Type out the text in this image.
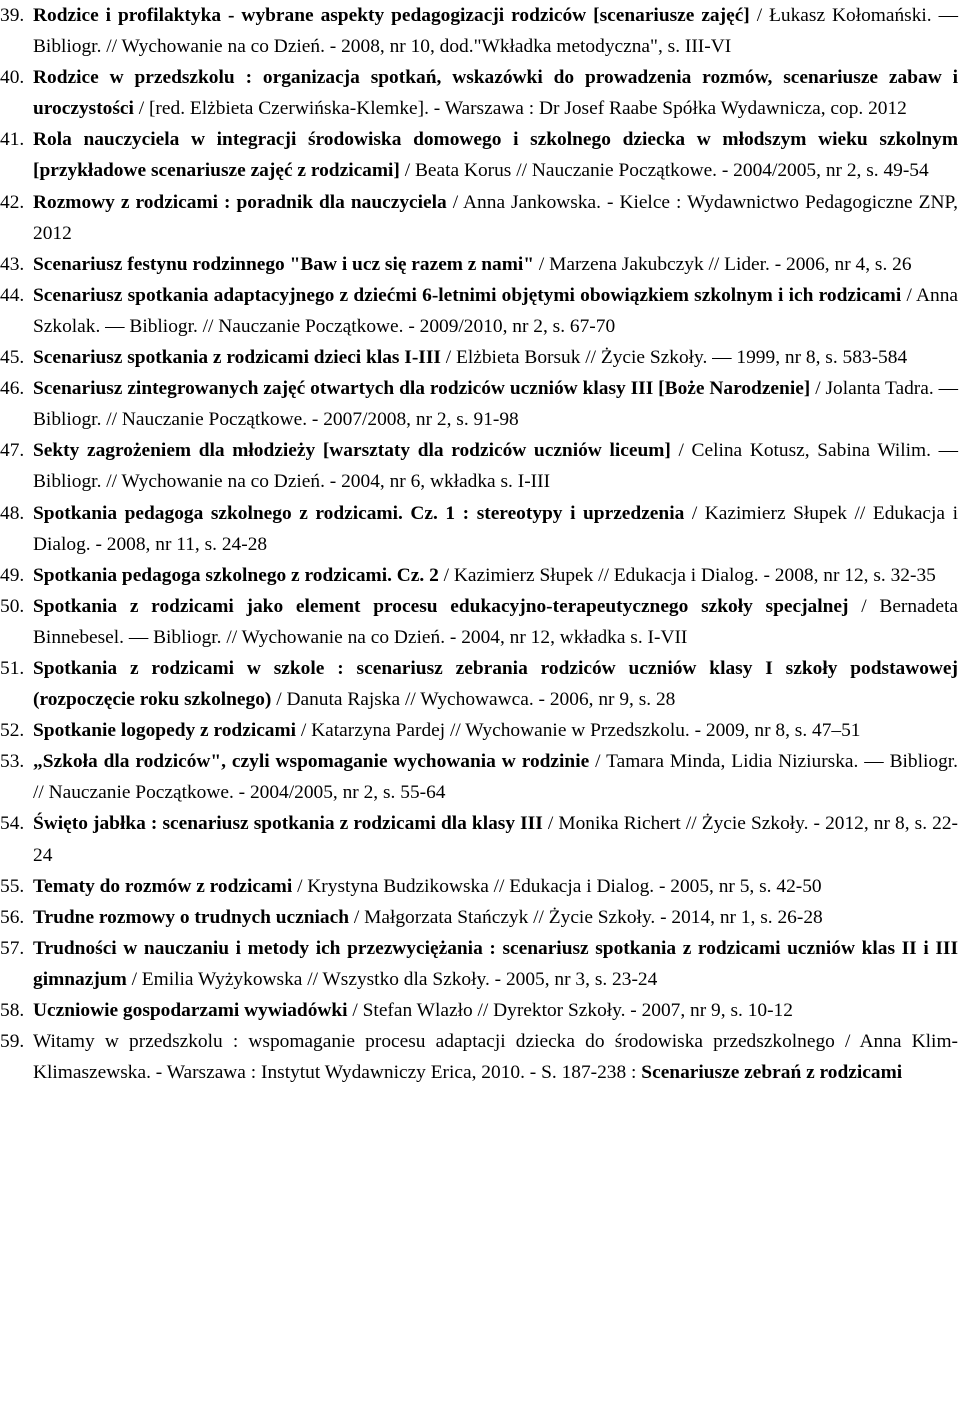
39. Rodzice i profilaktyka - wybrane aspekty pedagogizacji rodziców [scenariusze zajęć] / Łukasz Kołomański. — Bibliogr. // Wychowanie na co Dzień. - 2008, nr 10, dod."Wkładka metodyczna", s. III-VI
40. Rodzice w przedszkolu : organizacja spotkań, wskazówki do prowadzenia rozmów, scenariusze zabaw i uroczystości / [red. Elżbieta Czerwińska-Klemke]. - Warszawa : Dr Josef Raabe Spółka Wydawnicza, cop. 2012
41. Rola nauczyciela w integracji środowiska domowego i szkolnego dziecka w młodszym wieku szkolnym [przykładowe scenariusze zajęć z rodzicami] / Beata Korus // Nauczanie Początkowe. - 2004/2005, nr 2, s. 49-54
42. Rozmowy z rodzicami : poradnik dla nauczyciela / Anna Jankowska. - Kielce : Wydawnictwo Pedagogiczne ZNP, 2012
43. Scenariusz festynu rodzinnego "Baw i ucz się razem z nami" / Marzena Jakubczyk // Lider. - 2006, nr 4, s. 26
44. Scenariusz spotkania adaptacyjnego z dziećmi 6-letnimi objętymi obowiązkiem szkolnym i ich rodzicami / Anna Szkolak. — Bibliogr. // Nauczanie Początkowe. - 2009/2010, nr 2, s. 67-70
45. Scenariusz spotkania z rodzicami dzieci klas I-III / Elżbieta Borsuk // Życie Szkoły. — 1999, nr 8, s. 583-584
46. Scenariusz zintegrowanych zajęć otwartych dla rodziców uczniów klasy III [Boże Narodzenie] / Jolanta Tadra. — Bibliogr. // Nauczanie Początkowe. - 2007/2008, nr 2, s. 91-98
47. Sekty zagrożeniem dla młodzieży [warsztaty dla rodziców uczniów liceum] / Celina Kotusz, Sabina Wilim. — Bibliogr. // Wychowanie na co Dzień. - 2004, nr 6, wkładka s. I-III
48. Spotkania pedagoga szkolnego z rodzicami. Cz. 1 : stereotypy i uprzedzenia / Kazimierz Słupek // Edukacja i Dialog. - 2008, nr 11, s. 24-28
49. Spotkania pedagoga szkolnego z rodzicami. Cz. 2 / Kazimierz Słupek // Edukacja i Dialog. - 2008, nr 12, s. 32-35
50. Spotkania z rodzicami jako element procesu edukacyjno-terapeutycznego szkoły specjalnej / Bernadeta Binnebesel. — Bibliogr. // Wychowanie na co Dzień. - 2004, nr 12, wkładka s. I-VII
51. Spotkania z rodzicami w szkole : scenariusz zebrania rodziców uczniów klasy I szkoły podstawowej (rozpoczęcie roku szkolnego) / Danuta Rajska // Wychowawca. - 2006, nr 9, s. 28
52. Spotkanie logopedy z rodzicami / Katarzyna Pardej // Wychowanie w Przedszkolu. - 2009, nr 8, s. 47–51
53. „Szkoła dla rodziców", czyli wspomaganie wychowania w rodzinie / Tamara Minda, Lidia Niziurska. — Bibliogr. // Nauczanie Początkowe. - 2004/2005, nr 2, s. 55-64
54. Święto jabłka : scenariusz spotkania z rodzicami dla klasy III / Monika Richert // Życie Szkoły. - 2012, nr 8, s. 22-24
55. Tematy do rozmów z rodzicami / Krystyna Budzikowska // Edukacja i Dialog. - 2005, nr 5, s. 42-50
56. Trudne rozmowy o trudnych uczniach / Małgorzata Stańczyk // Życie Szkoły. - 2014, nr 1, s. 26-28
57. Trudności w nauczaniu i metody ich przezwyciężania : scenariusz spotkania z rodzicami uczniów klas II i III gimnazjum / Emilia Wyżykowska // Wszystko dla Szkoły. - 2005, nr 3, s. 23-24
58. Uczniowie gospodarzami wywiadówki / Stefan Wlazło // Dyrektor Szkoły. - 2007, nr 9, s. 10-12
59. Witamy w przedszkolu : wspomaganie procesu adaptacji dziecka do środowiska przedszkolnego / Anna Klim-Klimaszewska. - Warszawa : Instytut Wydawniczy Erica, 2010. - S. 187-238 : Scenariusze zebrań z rodzicami
